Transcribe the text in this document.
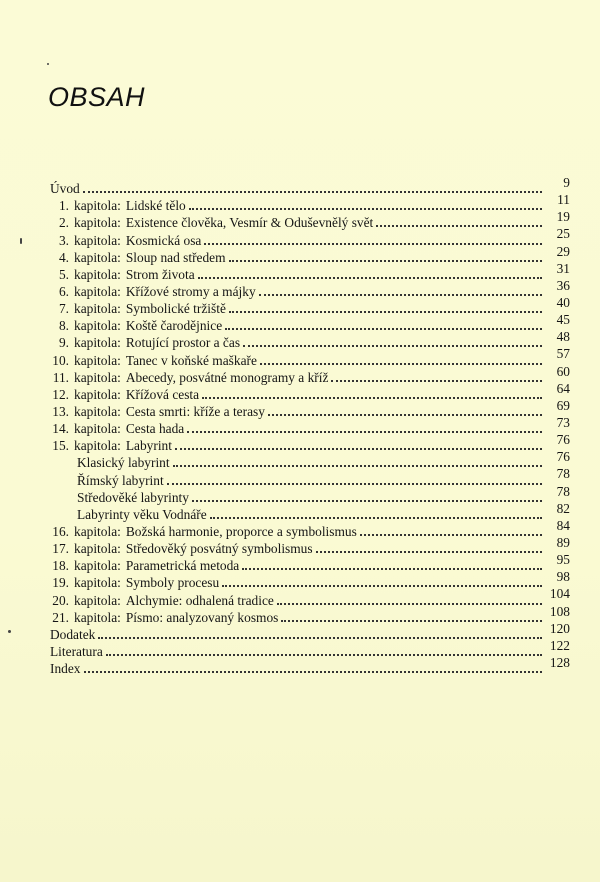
OBSAH
Úvod	9
1. kapitola: Lidské tělo	11
2. kapitola: Existence člověka, Vesmír & Oduševnělý svět	19
3. kapitola: Kosmická osa	25
4. kapitola: Sloup nad středem	29
5. kapitola: Strom života	31
6. kapitola: Křížové stromy a májky	36
7. kapitola: Symbolické tržiště	40
8. kapitola: Koště čarodějnice	45
9. kapitola: Rotující prostor a čas	48
10. kapitola: Tanec v koňské maškaře	57
11. kapitola: Abecedy, posvátné monogramy a kříž	60
12. kapitola: Křížová cesta	64
13. kapitola: Cesta smrti: kříže a terasy	69
14. kapitola: Cesta hada	73
15. kapitola: Labyrint	76
Klasický labyrint	76
Římský labyrint	78
Středověké labyrinty	78
Labyrinty věku Vodnáře	82
16. kapitola: Božská harmonie, proporce a symbolismus	84
17. kapitola: Středověký posvátný symbolismus	89
18. kapitola: Parametrická metoda	95
19. kapitola: Symboly procesu	98
20. kapitola: Alchymie: odhalená tradice	104
21. kapitola: Písmo: analyzovaný kosmos	108
Dodatek	120
Literatura	122
Index	128
